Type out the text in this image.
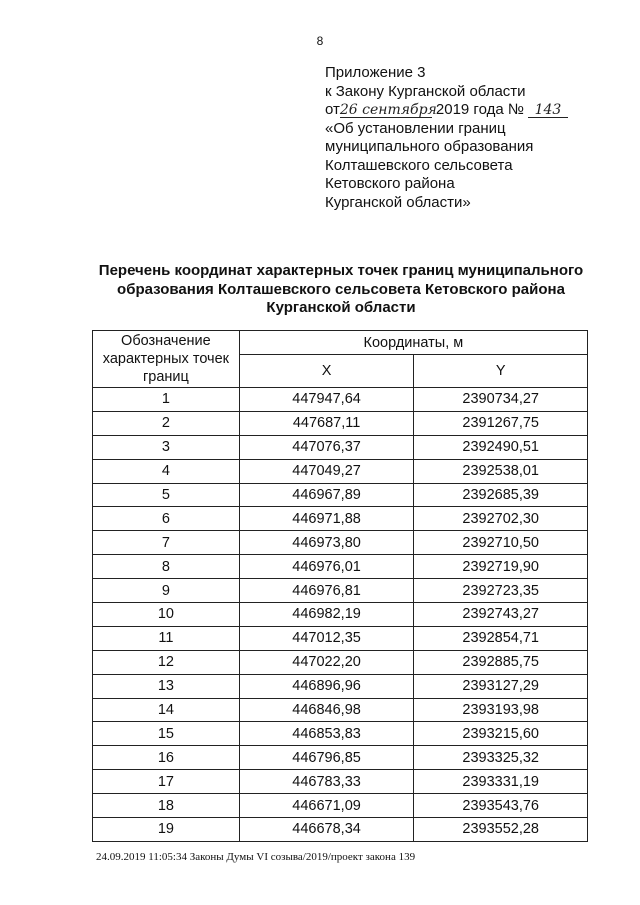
8
Приложение 3
к Закону Курганской области
от26 сентября2019 года № 143
«Об установлении границ
муниципального образования
Колташевского сельсовета
Кетовского района
Курганской области»
Перечень координат характерных точек границ муниципального
образования Колташевского сельсовета Кетовского района
Курганской области
Обозначение характерных точек границ	Координаты, м	
	X	Y
1	447947,64	2390734,27
2	447687,11	2391267,75
3	447076,37	2392490,51
4	447049,27	2392538,01
5	446967,89	2392685,39
6	446971,88	2392702,30
7	446973,80	2392710,50
8	446976,01	2392719,90
9	446976,81	2392723,35
10	446982,19	2392743,27
11	447012,35	2392854,71
12	447022,20	2392885,75
13	446896,96	2393127,29
14	446846,98	2393193,98
15	446853,83	2393215,60
16	446796,85	2393325,32
17	446783,33	2393331,19
18	446671,09	2393543,76
19	446678,34	2393552,28
24.09.2019 11:05:34 Законы Думы VI созыва/2019/проект закона 139
